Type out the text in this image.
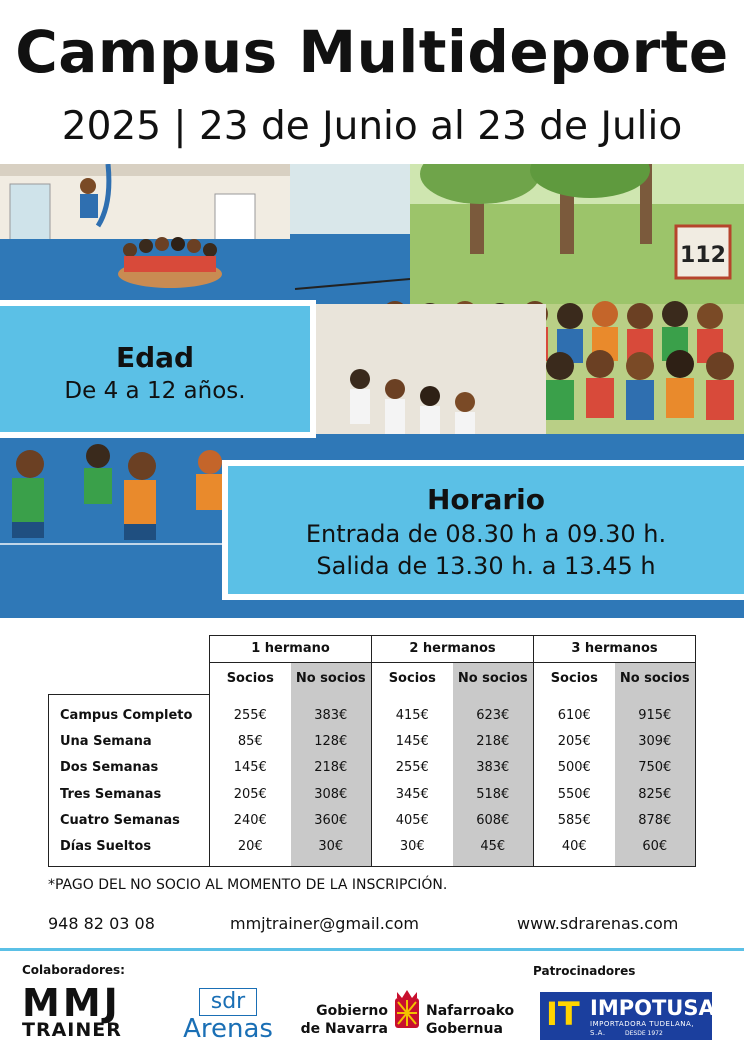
Campus Multideporte
2025 | 23 de Junio al 23 de Julio
112
Edad

De 4 a 12 años.

Horario

Entrada de 08.30 h a 09.30 h.

Salida de 13.30 h. a 13.45 h

	1 hermano		2 hermanos		3 hermanos	
	Socios	No socios	Socios	No socios	Socios	No socios
Campus Completo	255€	383€	415€	623€	610€	915€
Una Semana	85€	128€	145€	218€	205€	309€
Dos Semanas	145€	218€	255€	383€	500€	750€
Tres Semanas	205€	308€	345€	518€	550€	825€
Cuatro Semanas	240€	360€	405€	608€	585€	878€
Días Sueltos	20€	30€	30€	45€	40€	60€
*PAGO DEL NO SOCIO AL MOMENTO DE LA INSCRIPCIÓN.
948 82 03 08	mmjtrainer@gmail.com	www.sdrarenas.com
Colaboradores:	Patrocinadores
MMJ
TRAINER
sdr
Arenas
Gobierno
de Navarra
Nafarroako
Gobernua	IT IMPOTUSA
IMPORTADORA TUDELANA, S.A.	DESDE 1972
